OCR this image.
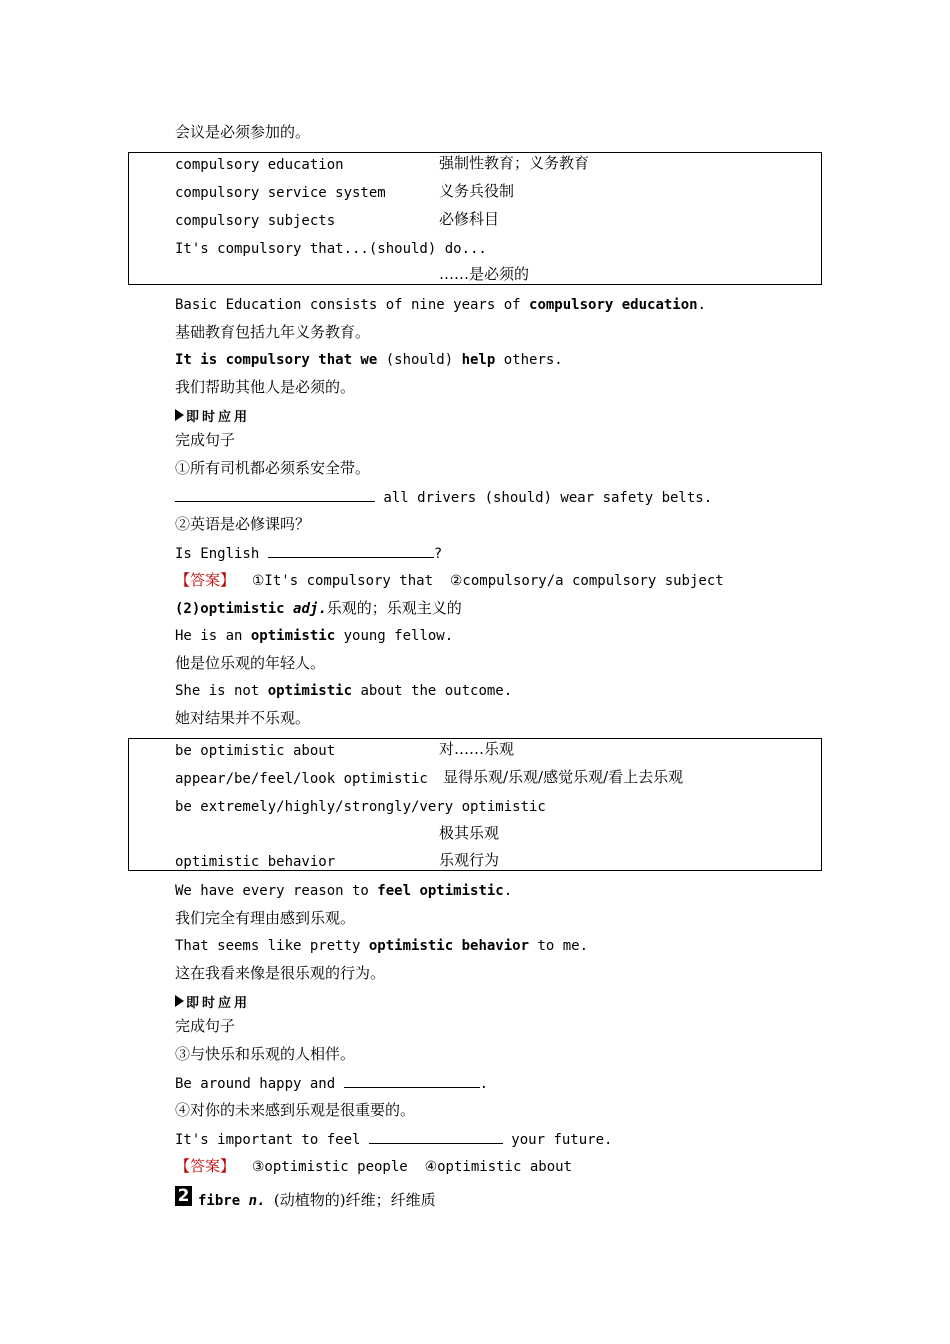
会议是必须参加的。
compulsory education	强制性教育；义务教育
compulsory service system	义务兵役制
compulsory subjects	必修科目
It's compulsory that...(should) do...
……是必须的
Basic Education consists of nine years of compulsory education.
基础教育包括九年义务教育。
It is compulsory that we (should) help others.
我们帮助其他人是必须的。
即时应用
完成句子
①所有司机都必须系安全带。
all drivers (should) wear safety belts.
②英语是必修课吗？
Is English	?
【答案】  ①It's compulsory that  ②compulsory/a compulsory subject
(2)optimistic adj.乐观的；乐观主义的
He is an optimistic young fellow.
他是位乐观的年轻人。
She is not optimistic about the outcome.
她对结果并不乐观。
be optimistic about	对……乐观
appear/be/feel/look optimistic 显得乐观/乐观/感觉乐观/看上去乐观
be extremely/highly/strongly/very optimistic
极其乐观
optimistic behavior	乐观行为
We have every reason to feel optimistic.
我们完全有理由感到乐观。
That seems like pretty optimistic behavior to me.
这在我看来像是很乐观的行为。
即时应用
完成句子
③与快乐和乐观的人相伴。
Be around happy and	.
④对你的未来感到乐观是很重要的。
It's important to feel	your future.
【答案】  ③optimistic people  ④optimistic about
2 fibre n. (动植物的)纤维；纤维质
